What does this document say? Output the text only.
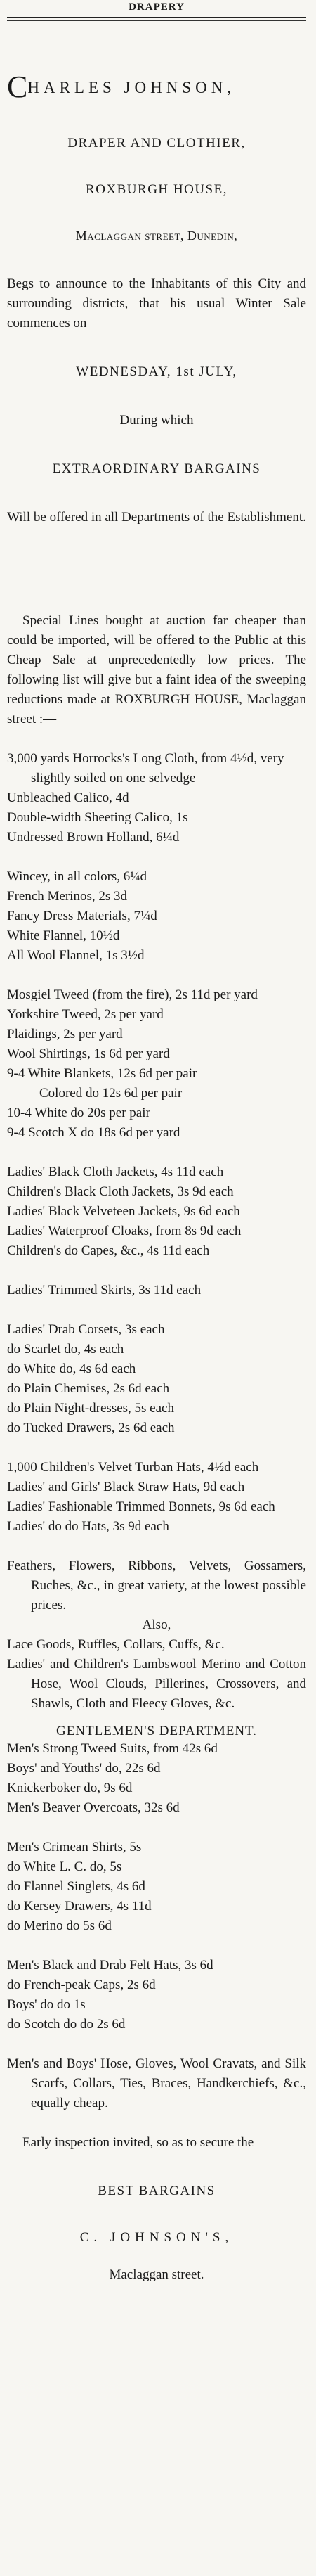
DRAPERY
CHARLES JOHNSON,
DRAPER AND CLOTHIER,
ROXBURGH HOUSE,
Maclaggan street, Dunedin,
Begs to announce to the Inhabitants of this City and surrounding districts, that his usual Winter Sale commences on
WEDNESDAY, 1st JULY,
During which
EXTRAORDINARY BARGAINS
Will be offered in all Departments of the Establishment.
Special Lines bought at auction far cheaper than could be imported, will be offered to the Public at this Cheap Sale at unprecedentedly low prices. The following list will give but a faint idea of the sweeping reductions made at ROXBURGH HOUSE, Maclaggan street :—
3,000 yards Horrocks's Long Cloth, from 4½d, very slightly soiled on one selvedge
Unbleached Calico, 4d
Double-width Sheeting Calico, 1s
Undressed Brown Holland, 6¼d
Wincey, in all colors, 6¼d
French Merinos, 2s 3d
Fancy Dress Materials, 7¼d
White Flannel, 10½d
All Wool Flannel, 1s 3½d
Mosgiel Tweed (from the fire), 2s 11d per yard
Yorkshire Tweed, 2s per yard
Plaidings, 2s per yard
Wool Shirtings, 1s 6d per yard
9-4 White Blankets, 12s 6d per pair
Colored do 12s 6d per pair
10-4 White do 20s per pair
9-4 Scotch X do 18s 6d per yard
Ladies' Black Cloth Jackets, 4s 11d each
Children's Black Cloth Jackets, 3s 9d each
Ladies' Black Velveteen Jackets, 9s 6d each
Ladies' Waterproof Cloaks, from 8s 9d each
Children's do Capes, &c., 4s 11d each
Ladies' Trimmed Skirts, 3s 11d each
Ladies' Drab Corsets, 3s each
do Scarlet do, 4s each
do White do, 4s 6d each
do Plain Chemises, 2s 6d each
do Plain Night-dresses, 5s each
do Tucked Drawers, 2s 6d each
1,000 Children's Velvet Turban Hats, 4½d each
Ladies' and Girls' Black Straw Hats, 9d each
Ladies' Fashionable Trimmed Bonnets, 9s 6d each
Ladies' do do Hats, 3s 9d each
Feathers, Flowers, Ribbons, Velvets, Gossamers, Ruches, &c., in great variety, at the lowest possible prices.
Also,
Lace Goods, Ruffles, Collars, Cuffs, &c.
Ladies' and Children's Lambswool Merino and Cotton Hose, Wool Clouds, Pillerines, Crossovers, and Shawls, Cloth and Fleecy Gloves, &c.
GENTLEMEN'S DEPARTMENT.
Men's Strong Tweed Suits, from 42s 6d
Boys' and Youths' do, 22s 6d
Knickerboker do, 9s 6d
Men's Beaver Overcoats, 32s 6d
Men's Crimean Shirts, 5s
do White L. C. do, 5s
do Flannel Singlets, 4s 6d
do Kersey Drawers, 4s 11d
do Merino do 5s 6d
Men's Black and Drab Felt Hats, 3s 6d
do French-peak Caps, 2s 6d
Boys' do do 1s
do Scotch do do 2s 6d
Men's and Boys' Hose, Gloves, Wool Cravats, and Silk Scarfs, Collars, Ties, Braces, Handkerchiefs, &c., equally cheap.
Early inspection invited, so as to secure the
BEST BARGAINS
C. JOHNSON'S,
Maclaggan street.
